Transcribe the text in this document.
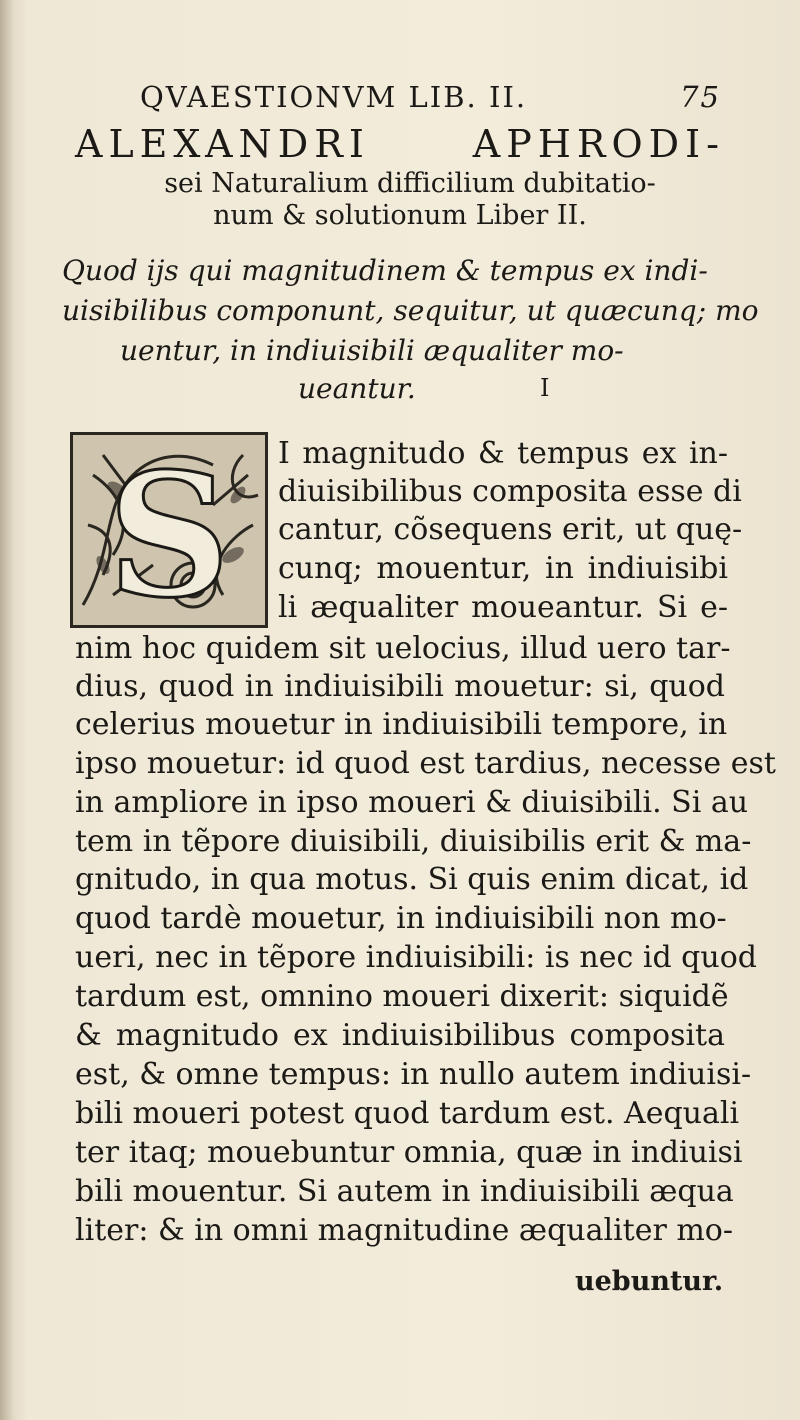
QVAESTIONVM LIB. II.	75
ALEXANDRI	APHRODI-
sei Naturalium difficilium dubitatio-
num & solutionum Liber II.
Quod ijs qui magnitudinem & tempus ex indi-
uisibilibus componunt, sequitur, ut quæcunq; mo
uentur, in indiuisibili æqualiter mo-
ueantur.	I
S I magnitudo & tempus ex in-
diuisibilibus composita esse di
cantur, cõsequens erit, ut quę-
cunq; mouentur, in indiuisibi
li æqualiter moueantur. Si e-
nim hoc quidem sit uelocius, illud uero tar-
dius, quod in indiuisibili mouetur: si, quod
celerius mouetur in indiuisibili tempore, in
ipso mouetur: id quod est tardius, necesse est
in ampliore in ipso moueri & diuisibili. Si au
tem in tẽpore diuisibili, diuisibilis erit & ma-
gnitudo, in qua motus. Si quis enim dicat, id
quod tardè mouetur, in indiuisibili non mo-
ueri, nec in tẽpore indiuisibili: is nec id quod
tardum est, omnino moueri dixerit: siquidẽ
& magnitudo ex indiuisibilibus composita
est, & omne tempus: in nullo autem indiuisi-
bili moueri potest quod tardum est. Aequali
ter itaq; mouebuntur omnia, quæ in indiuisi
bili mouentur. Si autem in indiuisibili æqua
liter: & in omni magnitudine æqualiter mo-
uebuntur.
